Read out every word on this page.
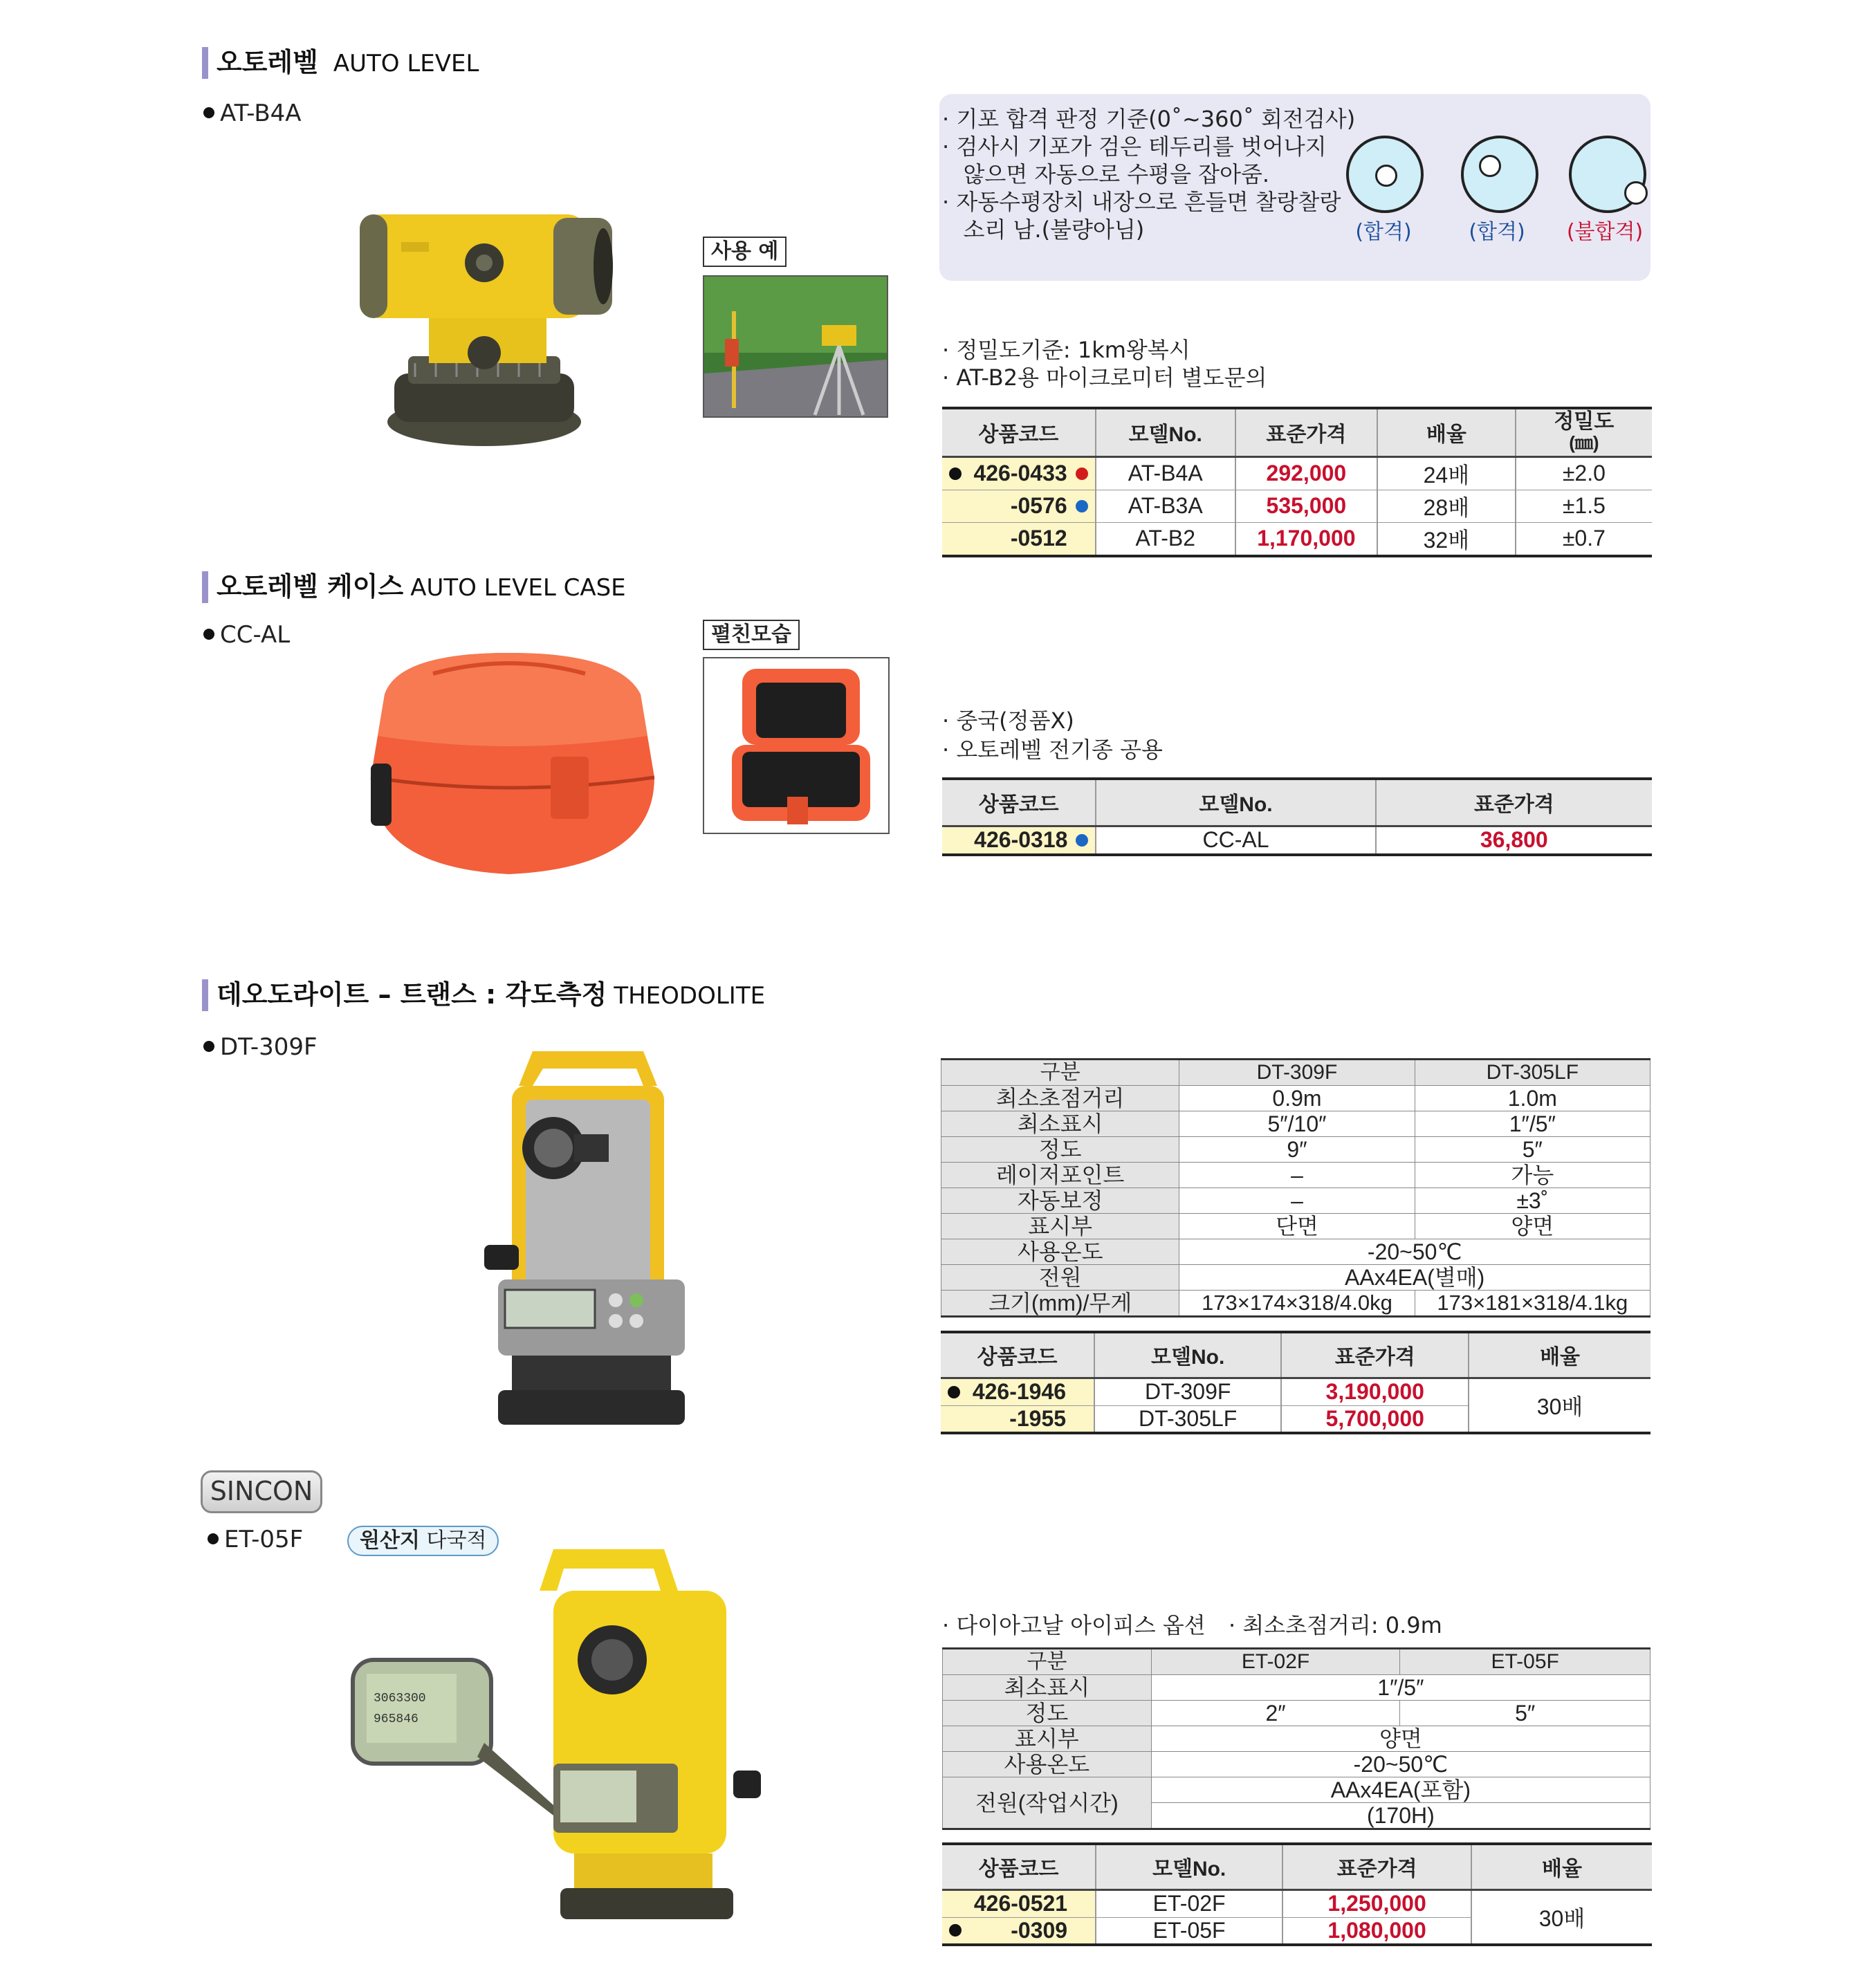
오토레벨 AUTO LEVEL
AT-B4A
사용 예
· 기포 합격 판정 기준(0˚~360˚ 회전검사)
· 검사시 기포가 검은 테두리를 벗어나지
않으면 자동으로 수평을 잡아줌.
· 자동수평장치 내장으로 흔들면 찰랑찰랑
소리 남.(불량아님)	(합격)	(합격) (불합격)
· 정밀도기준: 1km왕복시
· AT-B2용 마이크로미터 별도문의
상품코드	모델No.	표준가격	배율	정밀도
(㎜)

426-0433	AT-B4A	292,000	24배	±2.0
-0576	AT-B3A	535,000	28배	±1.5
-0512	AT-B2	1,170,000	32배	±0.7
오토레벨 케이스 AUTO LEVEL CASE
CC-AL	펼친모습
· 중국(정품X)
· 오토레벨 전기종 공용
상품코드	모델No.	표준가격
426-0318	CC-AL	36,800
데오도라이트 – 트랜스 : 각도측정 THEODOLITE
DT-309F
구분	DT-309F	DT-305LF
최소초점거리	0.9m	1.0m
최소표시	5″/10″	1″/5″
정도	9″	5″
레이저포인트	–	가능
자동보정	–	±3˚
표시부	단면	양면
사용온도	-20~50℃	
전원	AAx4EA(별매)	
크기(mm)/무게	173×174×318/4.0kg	173×181×318/4.1kg
상품코드	모델No.	표준가격	배율

426-1946	DT-309F	3,190,000	30배
-1955	DT-305LF	5,700,000	
SINCON
ET-05F	원산지 다국적
3063300
965846
· 다이아고날 아이피스 옵션 · 최소초점거리: 0.9m
구분	ET-02F	ET-05F
최소표시	1″/5″	
정도	2″	5″
표시부	양면	
사용온도	-20~50℃	
전원(작업시간)	AAx4EA(포함)	
	(170H)	
상품코드	모델No.	표준가격	배율
426-0521	ET-02F	1,250,000	30배

-0309	ET-05F	1,080,000	
